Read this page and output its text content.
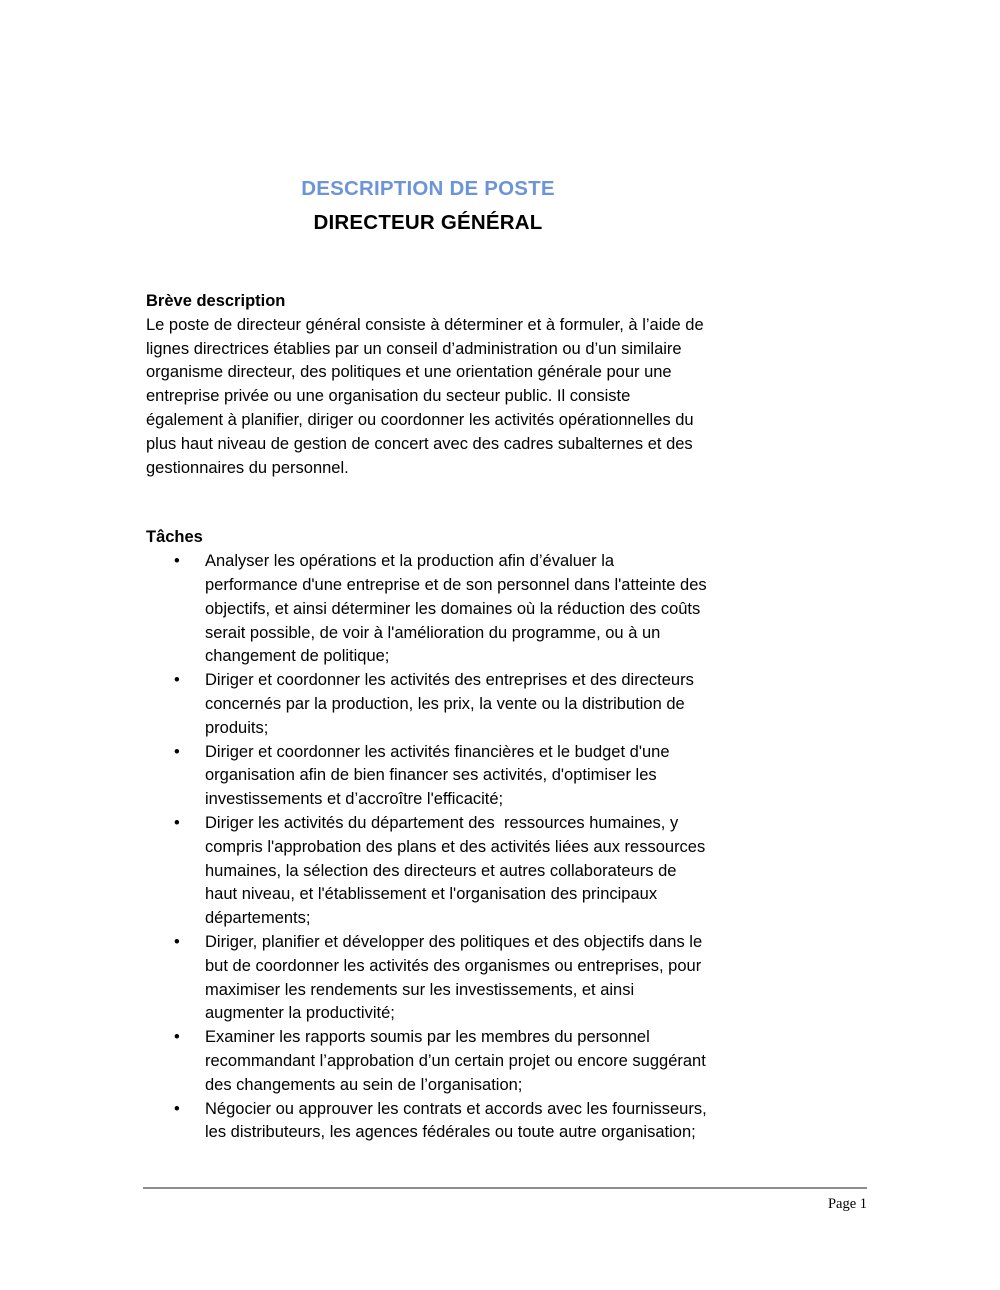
DESCRIPTION DE POSTE
DIRECTEUR GÉNÉRAL
Brève description

Le poste de directeur général consiste à déterminer et à formuler, à l’aide de lignes directrices établies par un conseil d’administration ou d’un similaire organisme directeur, des politiques et une orientation générale pour une entreprise privée ou une organisation du secteur public. Il consiste également à planifier, diriger ou coordonner les activités opérationnelles du plus haut niveau de gestion de concert avec des cadres subalternes et des gestionnaires du personnel.

Tâches
• Analyser les opérations et la production afin d’évaluer la performance d'une entreprise et de son personnel dans l'atteinte des objectifs, et ainsi déterminer les domaines où la réduction des coûts serait possible, de voir à l'amélioration du programme, ou à un changement de politique;
• Diriger et coordonner les activités des entreprises et des directeurs concernés par la production, les prix, la vente ou la distribution de produits;
• Diriger et coordonner les activités financières et le budget d'une organisation afin de bien financer ses activités, d'optimiser les investissements et d’accroître l'efficacité;
• Diriger les activités du département des  ressources humaines, y compris l'approbation des plans et des activités liées aux ressources humaines, la sélection des directeurs et autres collaborateurs de haut niveau, et l'établissement et l'organisation des principaux départements;
• Diriger, planifier et développer des politiques et des objectifs dans le but de coordonner les activités des organismes ou entreprises, pour maximiser les rendements sur les investissements, et ainsi augmenter la productivité;
• Examiner les rapports soumis par les membres du personnel recommandant l’approbation d’un certain projet ou encore suggérant des changements au sein de l’organisation;
• Négocier ou approuver les contrats et accords avec les fournisseurs, les distributeurs, les agences fédérales ou toute autre organisation;
Page 1
